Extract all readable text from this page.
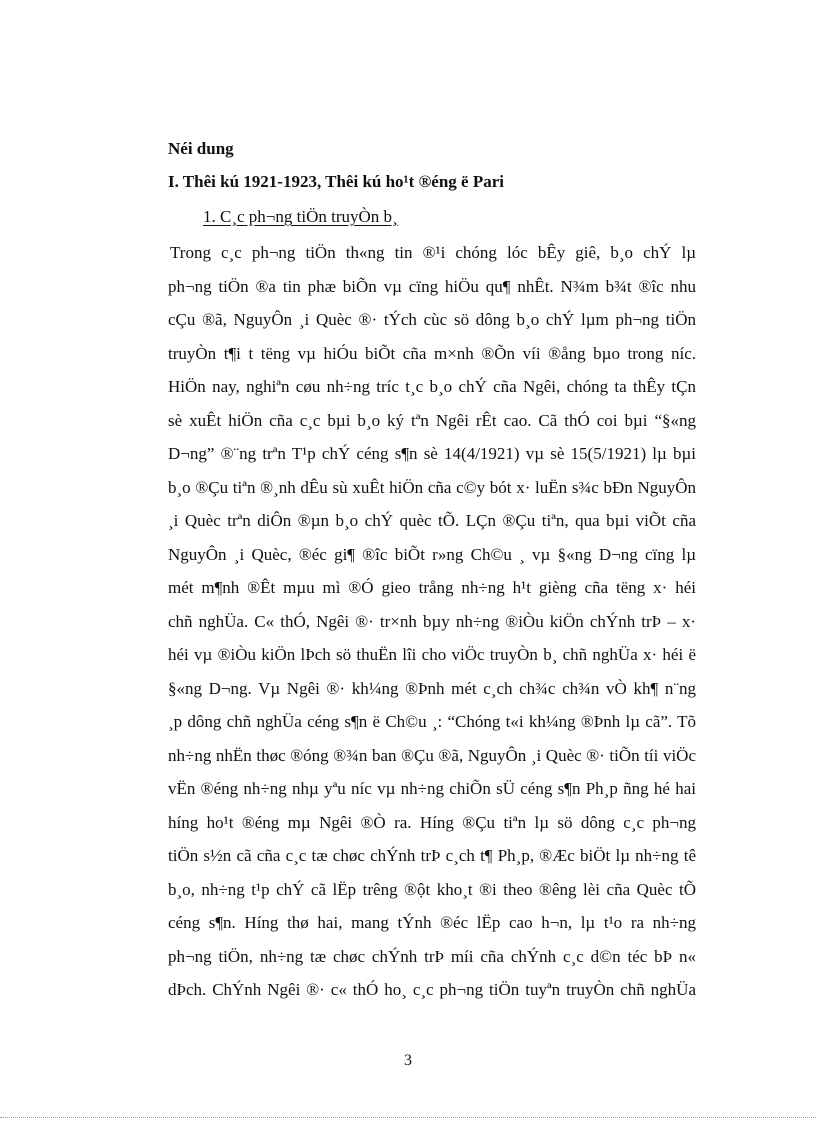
Néi dung
I. Thêi kú 1921-1923, Thêi kú ho¹t ®éng ë Pari
1. C¸c ph¬ng tiÖn truyÒn b¸
Trong c¸c ph¬ng tiÖn th«ng tin ®¹i chóng lóc bÊy giê, b¸o chÝ lµ
ph¬ng tiÖn ®a tin phæ biÕn vµ cïng hiÖu qu¶ nhÊt. N¾m b¾t ®îc nhu
cÇu ®ã, NguyÔn ¸i Quèc ®· tÝch cùc sö dông b¸o chÝ lµm ph¬ng tiÖn
truyÒn t¶i t tëng vµ hiÓu biÕt cña m×nh ®Õn víi ®ång bµo trong níc.
HiÖn nay, nghiªn cøu nh÷ng tríc t¸c b¸o chÝ cña Ngêi, chóng ta thÊy tÇn
sè xuÊt hiÖn cña c¸c bµi b¸o ký tªn Ngêi rÊt cao. Cã thÓ coi bµi “§«ng
D¬ng” ®¨ng trªn T¹p chÝ céng s¶n sè 14(4/1921) vµ sè 15(5/1921) lµ bµi
b¸o ®Çu tiªn ®¸nh dÊu sù xuÊt hiÖn cña c©y bót x· luËn s¾c bÐn NguyÔn
¸i Quèc trªn diÔn ®µn b¸o chÝ quèc tÕ. LÇn ®Çu tiªn, qua bµi viÕt cña
NguyÔn ¸i Quèc, ®éc gi¶ ®îc biÕt r»ng Ch©u ¸ vµ §«ng D¬ng cïng lµ
mét m¶nh ®Êt mµu mì ®Ó gieo trång nh÷ng h¹t gièng cña tëng x· héi
chñ nghÜa. C« thÓ, Ngêi ®· tr×nh bµy nh÷ng ®iÒu kiÖn chÝnh trÞ – x·
héi vµ ®iÒu kiÖn lÞch sö thuËn lîi cho viÖc truyÒn b¸ chñ nghÜa x· héi ë
§«ng D¬ng. Vµ Ngêi ®· kh¼ng ®Þnh mét c¸ch ch¾c ch¾n vÒ kh¶ n¨ng
¸p dông chñ nghÜa céng s¶n ë Ch©u ¸: “Chóng t«i kh¼ng ®Þnh lµ cã”. Tõ
nh÷ng nhËn thøc ®óng ®¾n ban ®Çu ®ã, NguyÔn ¸i Quèc ®· tiÕn tíi viÖc
vËn ®éng nh÷ng nhµ yªu níc vµ nh÷ng chiÕn sÜ céng s¶n Ph¸p ñng hé hai
híng ho¹t ®éng mµ Ngêi ®Ò ra. Híng ®Çu tiªn lµ sö dông c¸c ph¬ng
tiÖn s½n cã cña c¸c tæ chøc chÝnh trÞ c¸ch t¶ Ph¸p, ®Æc biÖt lµ nh÷ng tê
b¸o, nh÷ng t¹p chÝ cã lËp trêng ®ột kho¸t ®i theo ®êng lèi cña Quèc tÕ
céng s¶n. Híng thø hai, mang tÝnh ®éc lËp cao h¬n, lµ t¹o ra nh÷ng
ph¬ng tiÖn, nh÷ng tæ chøc chÝnh trÞ míi cña chÝnh c¸c d©n téc bÞ n«
dÞch. ChÝnh Ngêi ®· c« thÓ ho¸ c¸c ph¬ng tiÖn tuyªn truyÒn chñ nghÜa
3
